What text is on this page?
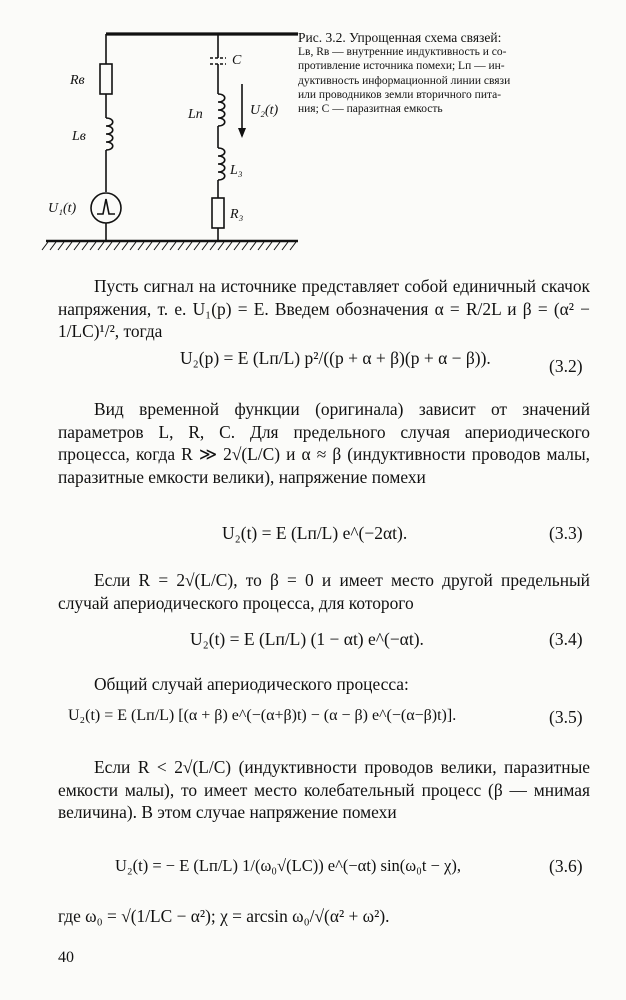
Rв
Lв
U₁(t)
C
Lп	U₂(t)
L₃
R₃
Рис. 3.2. Упрощенная схема связей:
Lв, Rв — внутренние индуктивность и со-
противление источника помехи; Lп — ин-
дуктивность информационной линии связи
или проводников земли вторичного пита-
ния; C — паразитная емкость
Пусть сигнал на источнике представляет собой единичный скачок напряжения, т. е. U₁(p) = E. Введем обозначения α = R/2L и β = (α² − 1/LC)¹/², тогда
U₂(p) = E (Lп/L) p²/((p + α + β)(p + α − β)).	(3.2)
Вид временной функции (оригинала) зависит от значений параметров L, R, C. Для предельного случая апериодического процесса, когда R ≫ 2√(L/C) и α ≈ β (индуктивности проводов малы, паразитные емкости велики), напряжение помехи
U₂(t) = E (Lп/L) e^(−2αt).	(3.3)
Если R = 2√(L/C), то β = 0 и имеет место другой предельный случай апериодического процесса, для которого
U₂(t) = E (Lп/L) (1 − αt) e^(−αt).	(3.4)
Общий случай апериодического процесса:
U₂(t) = E (Lп/L) [(α + β) e^(−(α+β)t) − (α − β) e^(−(α−β)t)].	(3.5)
Если R < 2√(L/C) (индуктивности проводов велики, паразитные емкости малы), то имеет место колебательный процесс (β — мнимая величина). В этом случае напряжение помехи
U₂(t) = − E (Lп/L) 1/(ω₀√(LC)) e^(−αt) sin(ω₀t − χ),	(3.6)
где ω₀ = √(1/LC − α²); χ = arcsin ω₀/√(α² + ω²).
40
